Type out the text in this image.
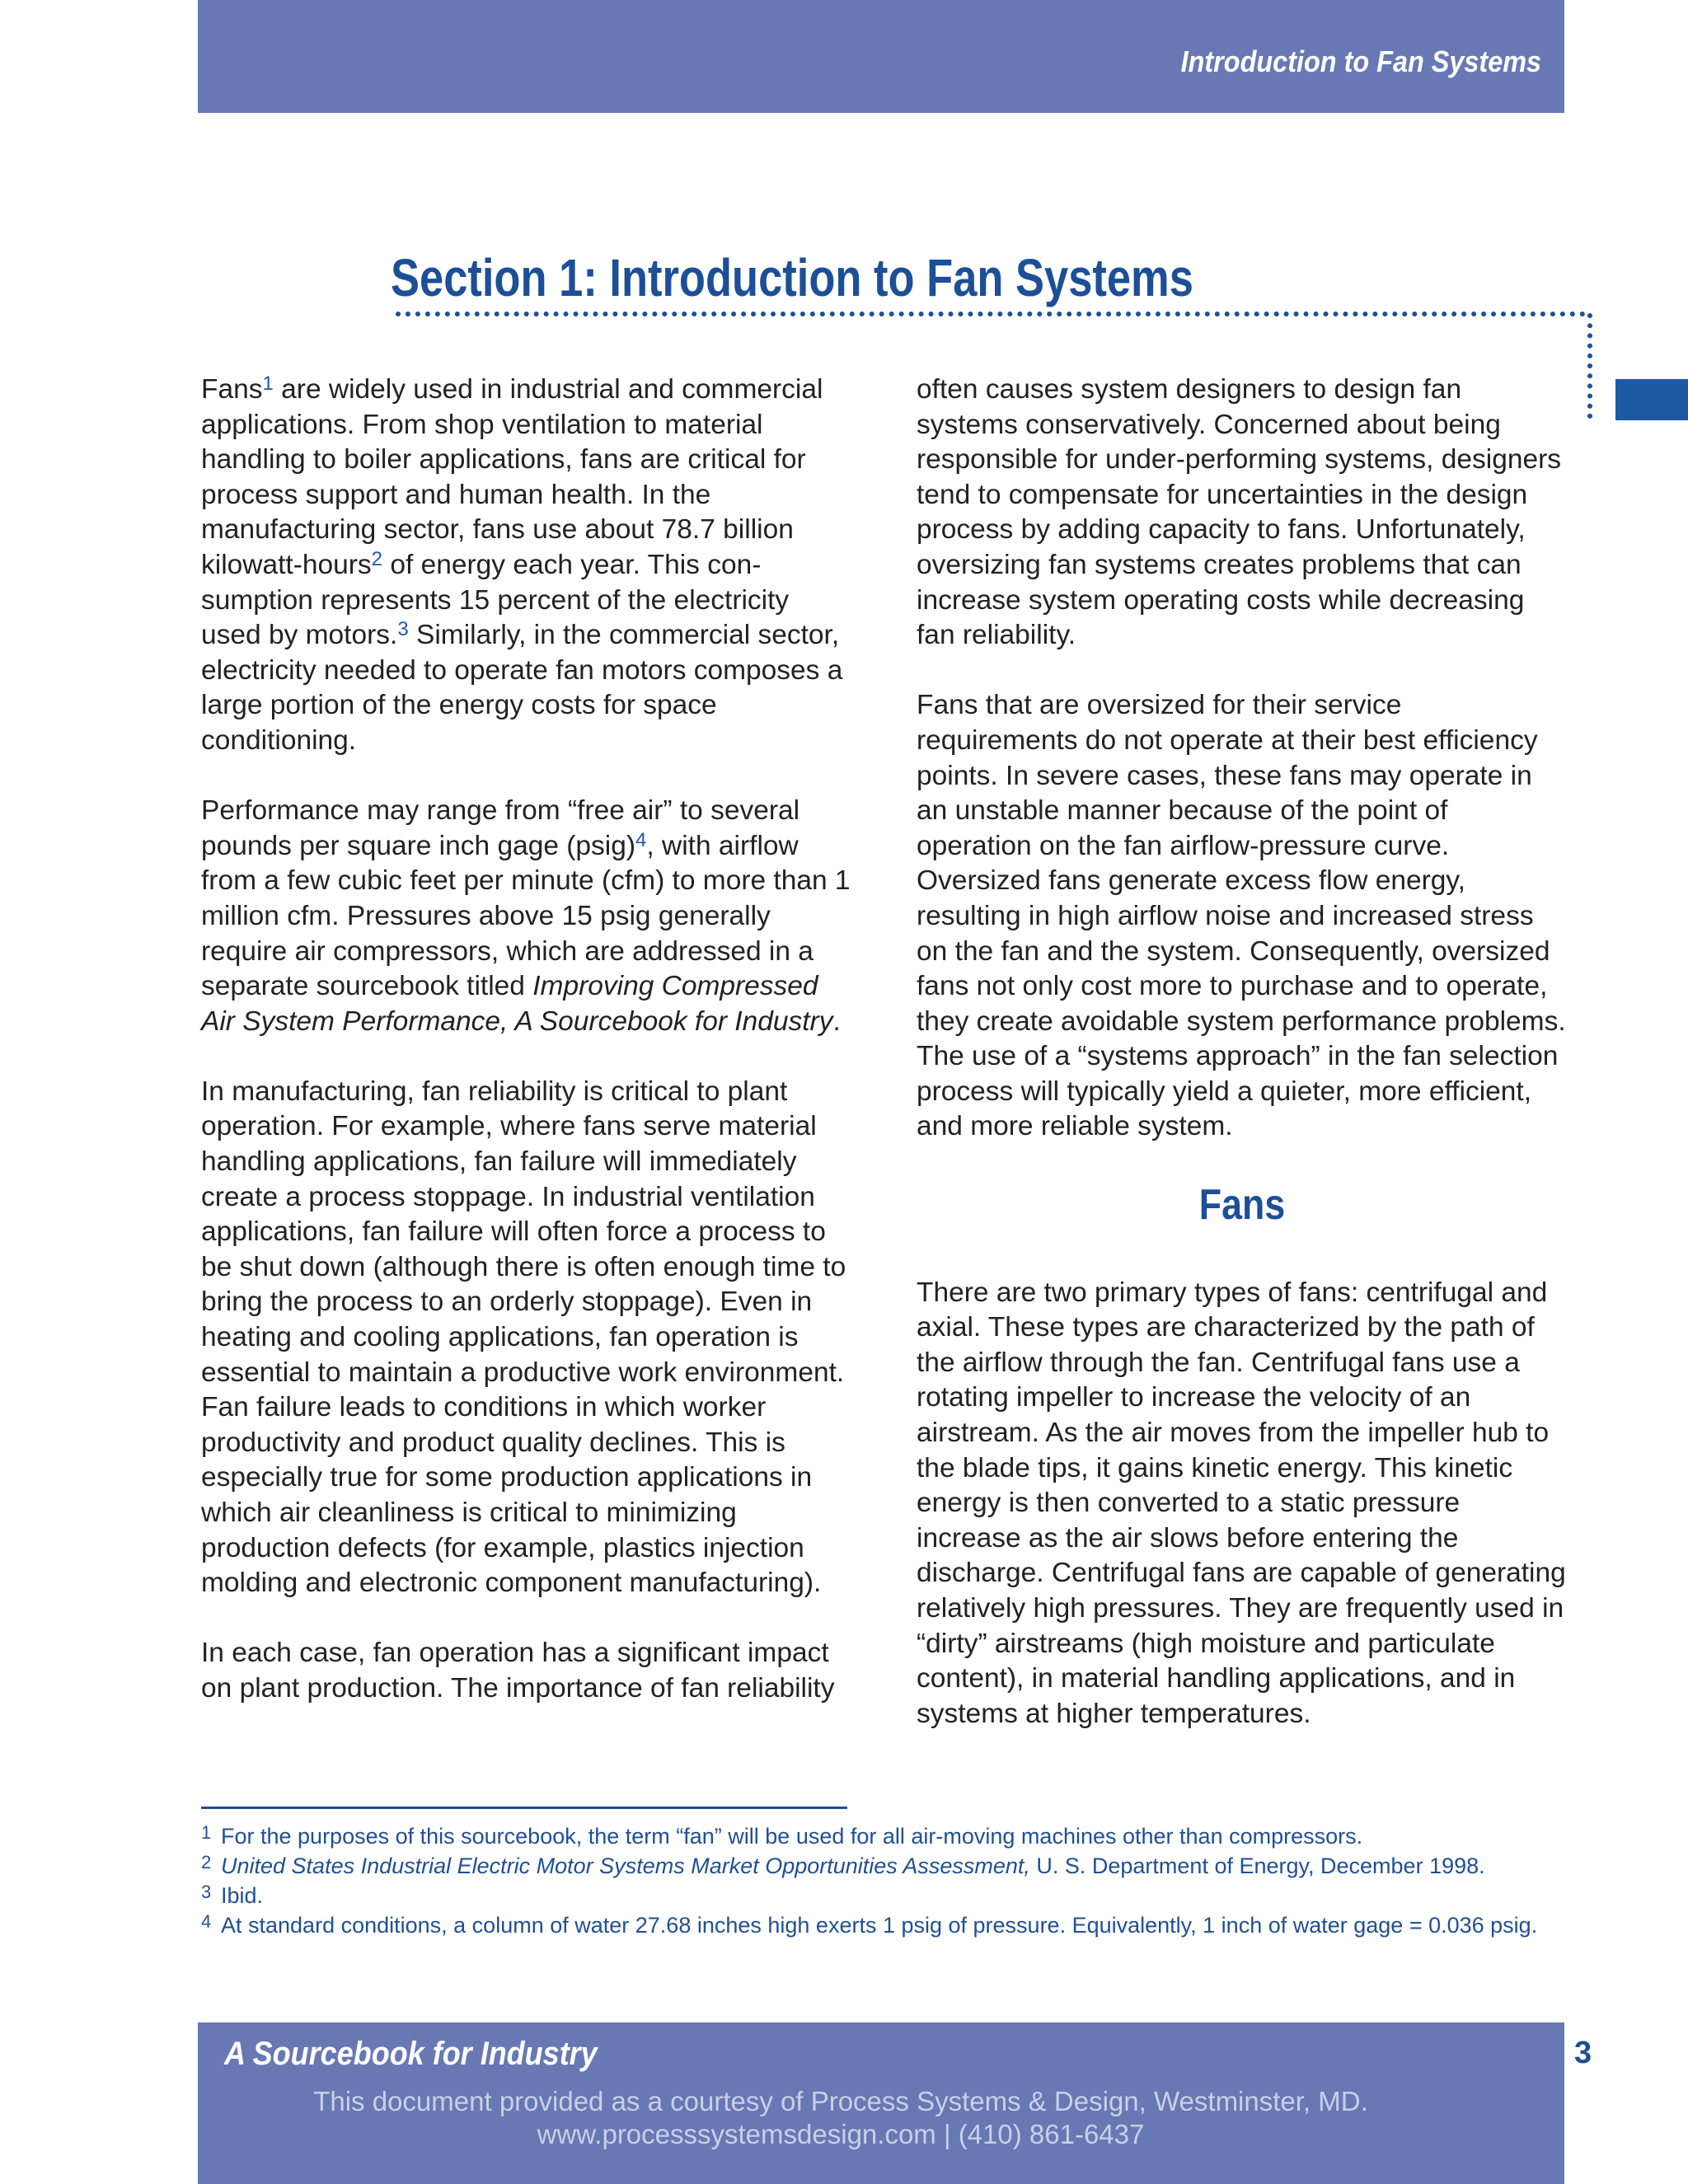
Introduction to Fan Systems
Section 1: Introduction to Fan Systems

Fans$^1$ are widely used in industrial and commercial applications. From shop ventilation to material handling to boiler applications, fans are critical for process support and human health. In the manufacturing sector, fans use about 78.7 billion kilowatt-hours$^2$ of energy each year. This con-sumption represents 15 percent of the electricity used by motors.$^3$ Similarly, in the commercial sector, electricity needed to operate fan motors composes a large portion of the energy costs for space conditioning.

Performance may range from “free air” to several pounds per square inch gage (psig)$^4$, with airflow from a few cubic feet per minute (cfm) to more than 1 million cfm. Pressures above 15 psig generally require air compressors, which are addressed in a separate sourcebook titled Improving Compressed Air System Performance, A Sourcebook for Industry.

In manufacturing, fan reliability is critical to plant operation. For example, where fans serve material handling applications, fan failure will immediately create a process stoppage. In industrial ventilation applications, fan failure will often force a process to be shut down (although there is often enough time to bring the process to an orderly stoppage). Even in heating and cooling applications, fan operation is essential to maintain a productive work environment. Fan failure leads to conditions in which worker productivity and product quality declines. This is especially true for some production applications in which air cleanliness is critical to minimizing production defects (for example, plastics injection molding and electronic component manufacturing).

In each case, fan operation has a significant impact on plant production. The importance of fan reliability

often causes system designers to design fan systems conservatively. Concerned about being responsible for under-performing systems, designers tend to compensate for uncertainties in the design process by adding capacity to fans. Unfortunately, oversizing fan systems creates problems that can increase system operating costs while decreasing fan reliability.

Fans that are oversized for their service requirements do not operate at their best efficiency points. In severe cases, these fans may operate in an unstable manner because of the point of operation on the fan airflow-pressure curve. Oversized fans generate excess flow energy, resulting in high airflow noise and increased stress on the fan and the system. Consequently, oversized fans not only cost more to purchase and to operate, they create avoidable system performance problems. The use of a “systems approach” in the fan selection process will typically yield a quieter, more efficient, and more reliable system.

Fans

There are two primary types of fans: centrifugal and axial. These types are characterized by the path of the airflow through the fan. Centrifugal fans use a rotating impeller to increase the velocity of an airstream. As the air moves from the impeller hub to the blade tips, it gains kinetic energy. This kinetic energy is then converted to a static pressure increase as the air slows before entering the discharge. Centrifugal fans are capable of generating relatively high pressures. They are frequently used in “dirty” airstreams (high moisture and particulate content), in material handling applications, and in systems at higher temperatures.

1 For the purposes of this sourcebook, the term “fan” will be used for all air-moving machines other than compressors.
2 United States Industrial Electric Motor Systems Market Opportunities Assessment, U. S. Department of Energy, December 1998.
3 Ibid.
4 At standard conditions, a column of water 27.68 inches high exerts 1 psig of pressure. Equivalently, 1 inch of water gage = 0.036 psig.
A Sourcebook for Industry
This document provided as a courtesy of Process Systems & Design, Westminster, MD.
www.processsystemsdesign.com | (410) 861-6437
3
